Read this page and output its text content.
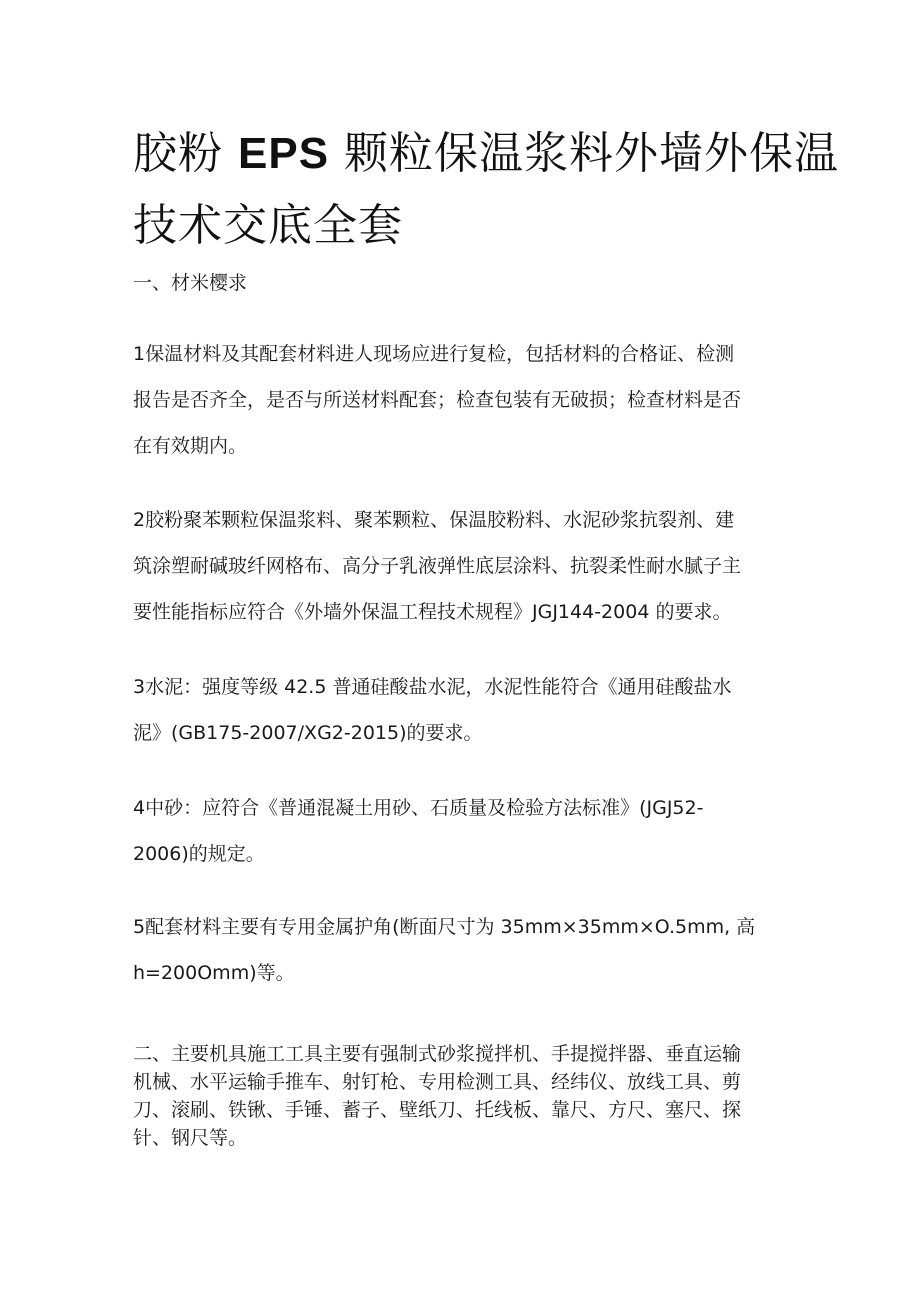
胶粉 EPS 颗粒保温浆料外墙外保温
技术交底全套

一、材米樱求

1保温材料及其配套材料进人现场应进行复检，包括材料的合格证、检测
报告是否齐全，是否与所送材料配套；检查包装有无破损；检查材料是否
在有效期内。

2胶粉聚苯颗粒保温浆料、聚苯颗粒、保温胶粉料、水泥砂浆抗裂剂、建
筑涂塑耐碱玻纤网格布、高分子乳液弹性底层涂料、抗裂柔性耐水腻子主
要性能指标应符合《外墙外保温工程技术规程》JGJ144-2004 的要求。

3水泥：强度等级 42.5 普通硅酸盐水泥，水泥性能符合《通用硅酸盐水
泥》(GB175-2007/XG2-2015)的要求。

4中砂：应符合《普通混凝土用砂、石质量及检验方法标准》(JGJ52-
2006)的规定。

5配套材料主要有专用金属护角(断面尺寸为 35mm×35mm×O.5mm, 高
h=200Omm)等。

二、主要机具施工工具主要有强制式砂浆搅拌机、手提搅拌器、垂直运输
机械、水平运输手推车、射钉枪、专用检测工具、经纬仪、放线工具、剪
刀、滚刷、铁锹、手锤、蓄子、壁纸刀、托线板、靠尺、方尺、塞尺、探
针、钢尺等。
